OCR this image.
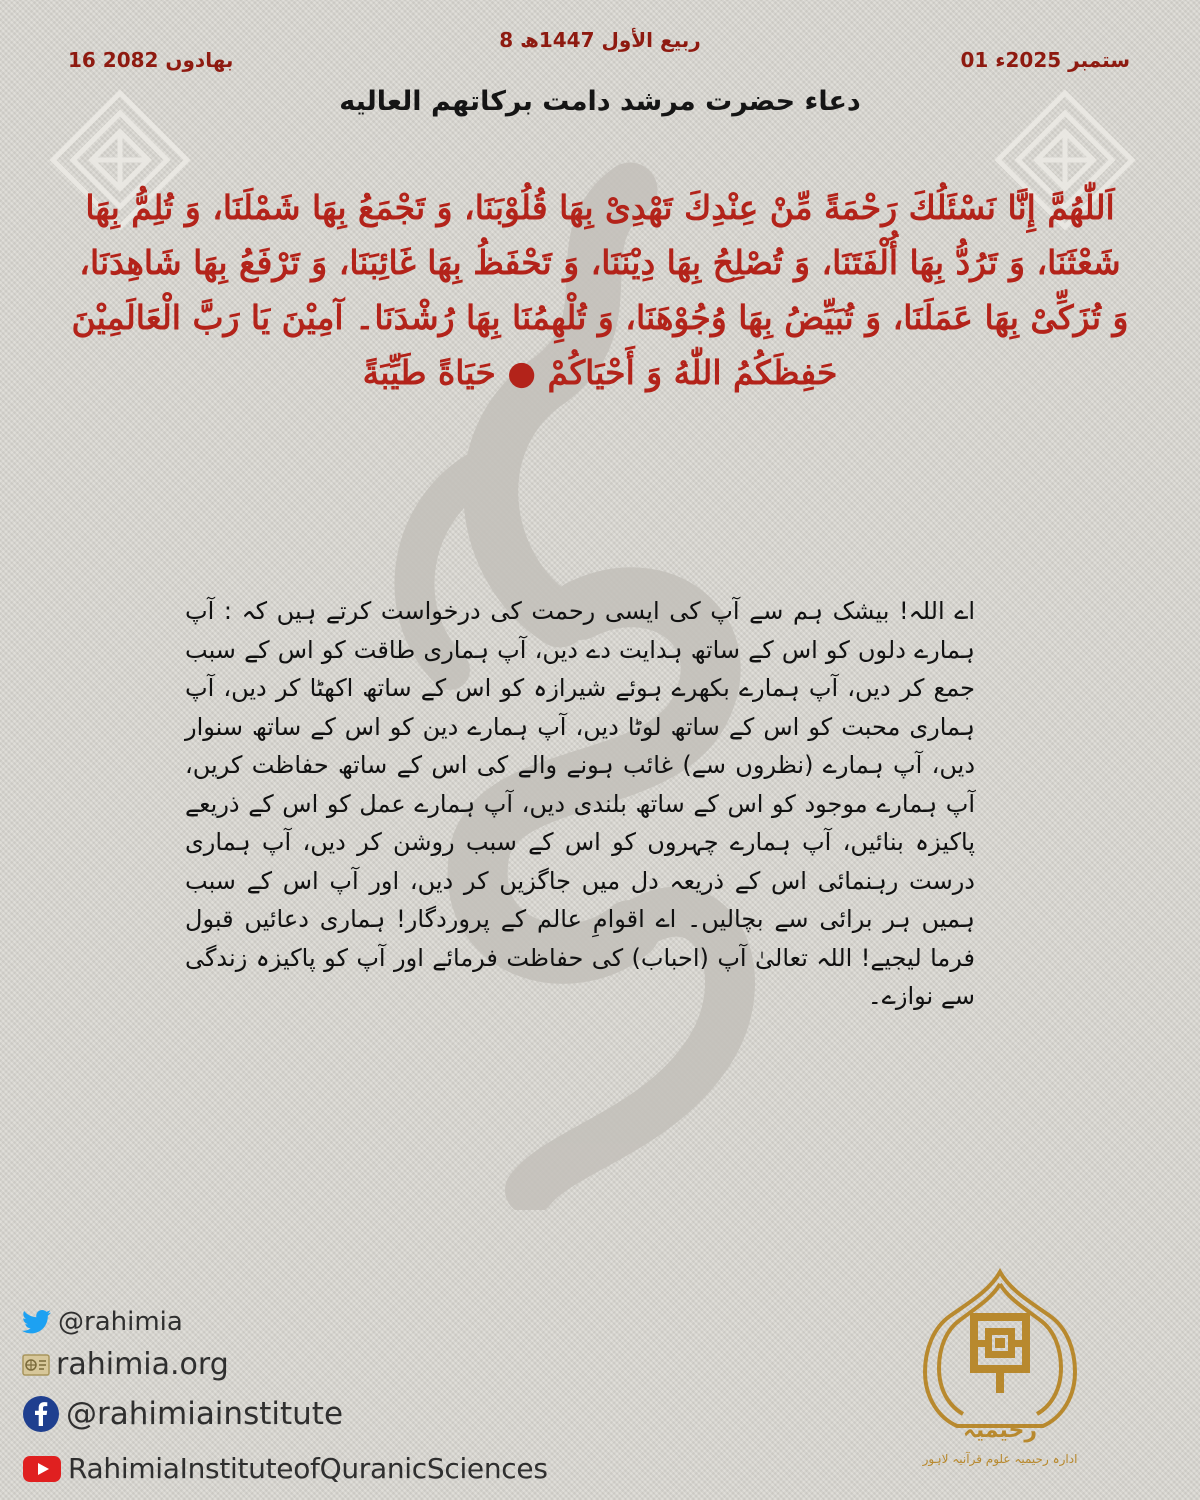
8 ربیع الأول 1447ھ
16 بھادوں 2082	01 ستمبر 2025ء
دعاء حضرت مرشد دامت برکاتھم العالیه

اَللّٰهُمَّ إِنَّا نَسْئَلُكَ رَحْمَةً مِّنْ عِنْدِكَ تَهْدِیْ بِهَا قُلُوْبَنَا، وَ تَجْمَعُ بِهَا شَمْلَنَا، وَ تُلِمُّ بِهَا شَعْثَنَا، وَ تَرُدُّ بِهَا أُلْفَتَنَا، وَ تُصْلِحُ بِهَا دِیْنَنَا، وَ تَحْفَظُ بِهَا غَائِبَنَا، وَ تَرْفَعُ بِهَا شَاهِدَنَا، وَ تُزَكِّیْ بِهَا عَمَلَنَا، وَ تُبَیِّضُ بِهَا وُجُوْهَنَا، وَ تُلْهِمُنَا بِهَا رُشْدَنَا۔ آمِیْنَ یَا رَبَّ الْعَالَمِیْنَ حَفِظَكُمُ اللّٰهُ وَ أَحْیَاكُمْ ● حَیَاةً طَیِّبَةً

اے اللہ! بیشک ہم سے آپ کی ایسی رحمت کی درخواست کرتے ہیں کہ : آپ ہمارے دلوں کو اس کے ساتھ ہدایت دے دیں، آپ ہماری طاقت کو اس کے سبب جمع کر دیں، آپ ہمارے بکھرے ہوئے شیرازہ کو اس کے ساتھ اکھٹا کر دیں، آپ ہماری محبت کو اس کے ساتھ لوٹا دیں، آپ ہمارے دین کو اس کے ساتھ سنوار دیں، آپ ہمارے (نظروں سے) غائب ہونے والے کی اس کے ساتھ حفاظت کریں، آپ ہمارے موجود کو اس کے ساتھ بلندی دیں، آپ ہمارے عمل کو اس کے ذریعے پاکیزہ بنائیں، آپ ہمارے چہروں کو اس کے سبب روشن کر دیں، آپ ہماری درست رہنمائی اس کے ذریعہ دل میں جاگزیں کر دیں، اور آپ اس کے سبب ہمیں ہر برائی سے بچالیں۔ اے اقوامِ عالم کے پروردگار! ہماری دعائیں قبول فرما لیجیے! اللہ تعالیٰ آپ (احباب) کی حفاظت فرمائے اور آپ کو پاکیزہ زندگی سے نوازے۔

@rahimia
rahimia.org
@rahimiainstitute
RahimiaInstituteofQuranicSciences
رحیمیہ
ادارہ رحیمیہ علوم قرآنیہ لاہور
